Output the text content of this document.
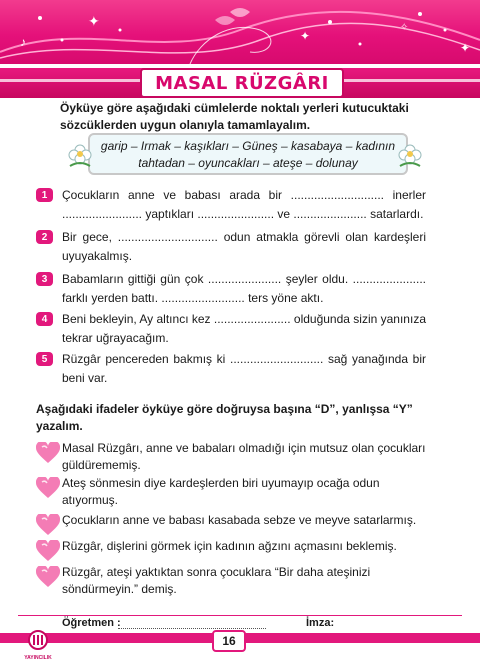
✦
✦
✦
♪
✧
MASAL RÜZGÂRI

Öyküye göre aşağıdaki cümlelerde noktalı yerleri kutucuktaki sözcüklerden uygun olanıyla tamamlayalım.

garip – Irmak – kaşıkları – Güneş – kasabaya – kadının
tahtadan – oyuncakları – ateşe – dolunay
1	Çocukların anne ve babası arada bir ............................ inerler ........................ yaptıkları ....................... ve ...................... satarlardı.
2	Bir gece, .............................. odun atmakla görevli olan kardeşleri uyuyakalmış.
3	Babamların gittiği gün çok ...................... şeyler oldu. ...................... farklı yerden battı. ......................... ters yöne aktı.
4	Beni bekleyin, Ay altıncı kez ....................... olduğunda sizin yanınıza tekrar uğrayacağım.
5	Rüzgâr pencereden bakmış ki ............................ sağ yanağında bir beni var.

Aşağıdaki ifadeler öyküye göre doğruysa başına “D”, yanlışsa “Y” yazalım.

Masal Rüzgârı, anne ve babaları olmadığı için mutsuz olan çocukları güldürememiş.
Ateş sönmesin diye kardeşlerden biri uyumayıp ocağa odun atıyormuş.
Çocukların anne ve babası kasabada sebze ve meyve satarlarmış.
Rüzgâr, dişlerini görmek için kadının ağzını açmasını beklemiş.
Rüzgâr, ateşi yaktıktan sonra çocuklara “Bir daha ateşinizi söndürmeyin.” demiş.
Öğretmen :	İmza:
16
YAYINCILIK
